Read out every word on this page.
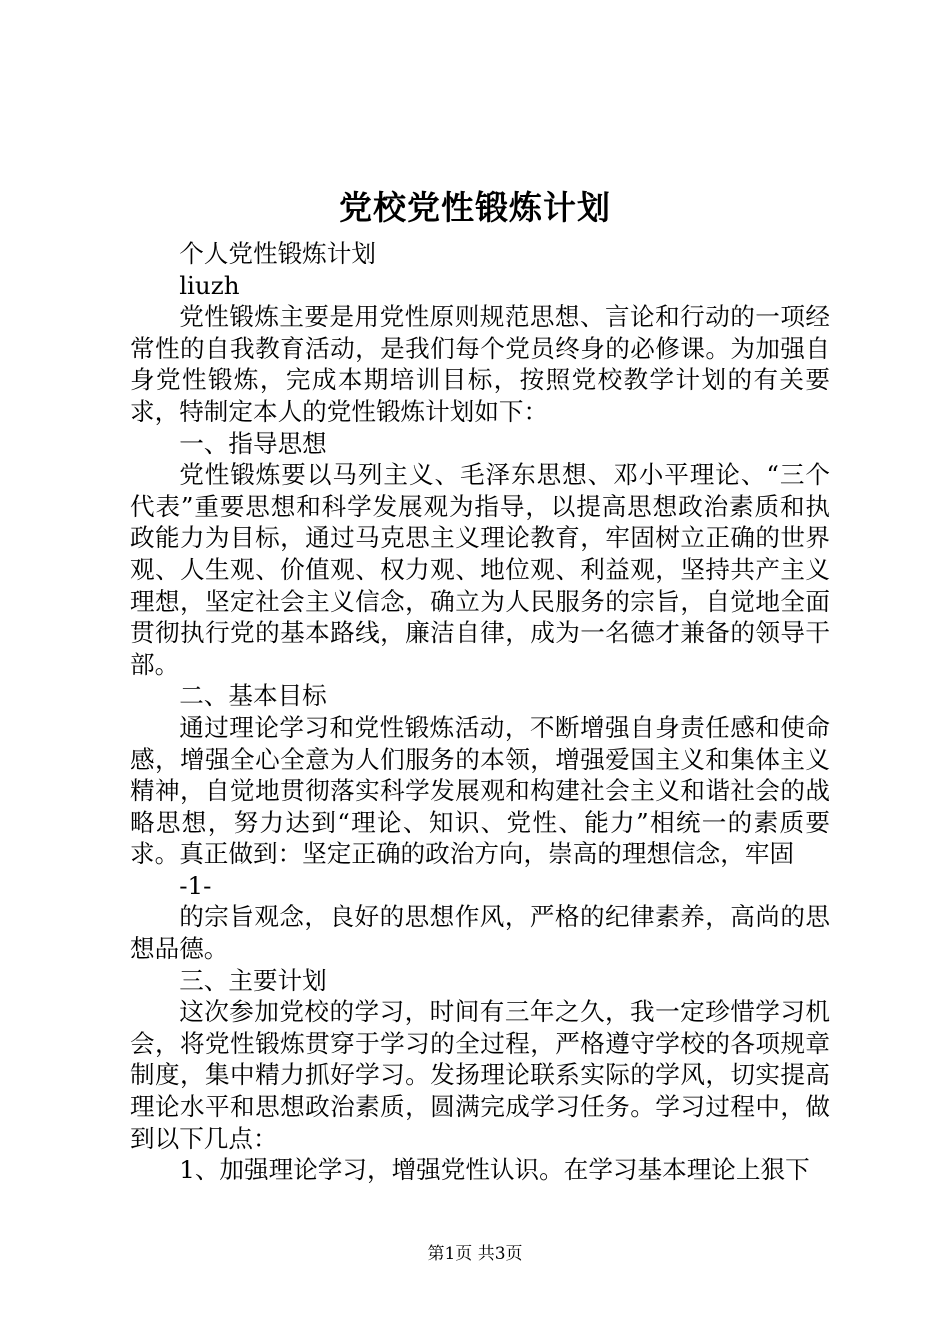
党校党性锻炼计划

个人党性锻炼计划

liuzh

党性锻炼主要是用党性原则规范思想、言论和行动的一项经常性的自我教育活动，是我们每个党员终身的必修课。为加强自身党性锻炼，完成本期培训目标，按照党校教学计划的有关要求，特制定本人的党性锻炼计划如下：

一、指导思想

党性锻炼要以马列主义、毛泽东思想、邓小平理论、“三个代表”重要思想和科学发展观为指导，以提高思想政治素质和执政能力为目标，通过马克思主义理论教育，牢固树立正确的世界观、人生观、价值观、权力观、地位观、利益观，坚持共产主义理想，坚定社会主义信念，确立为人民服务的宗旨，自觉地全面贯彻执行党的基本路线，廉洁自律，成为一名德才兼备的领导干部。

二、基本目标

通过理论学习和党性锻炼活动，不断增强自身责任感和使命感，增强全心全意为人们服务的本领，增强爱国主义和集体主义精神，自觉地贯彻落实科学发展观和构建社会主义和谐社会的战略思想，努力达到“理论、知识、党性、能力”相统一的素质要求。真正做到：坚定正确的政治方向，崇高的理想信念，牢固

-1-

的宗旨观念，良好的思想作风，严格的纪律素养，高尚的思想品德。

三、主要计划

这次参加党校的学习，时间有三年之久，我一定珍惜学习机会，将党性锻炼贯穿于学习的全过程，严格遵守学校的各项规章制度，集中精力抓好学习。发扬理论联系实际的学风，切实提高理论水平和思想政治素质，圆满完成学习任务。学习过程中，做到以下几点：

1、加强理论学习，增强党性认识。在学习基本理论上狠下

第1页 共3页
